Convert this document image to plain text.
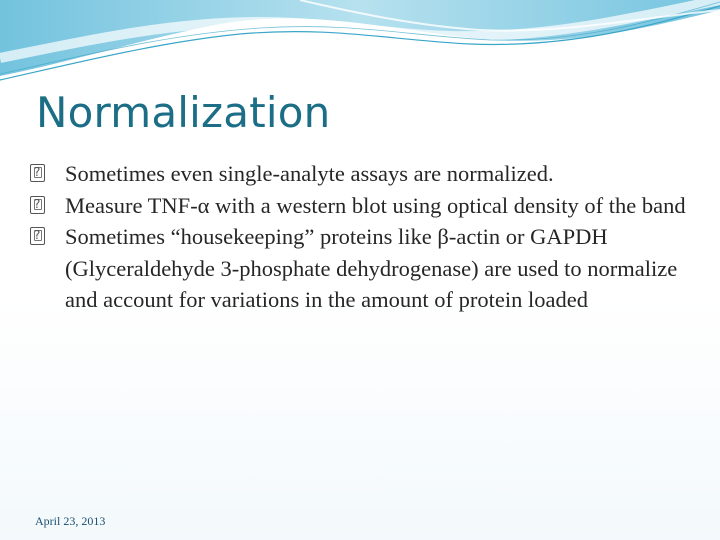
Normalization

?
Sometimes even single-analyte assays are normalized.

?
Measure TNF-α with a western blot using optical density of the band

?
Sometimes “housekeeping” proteins like β-actin or GAPDH (Glyceraldehyde 3-phosphate dehydrogenase) are used to normalize and account for variations in the amount of protein loaded

April 23, 2013
